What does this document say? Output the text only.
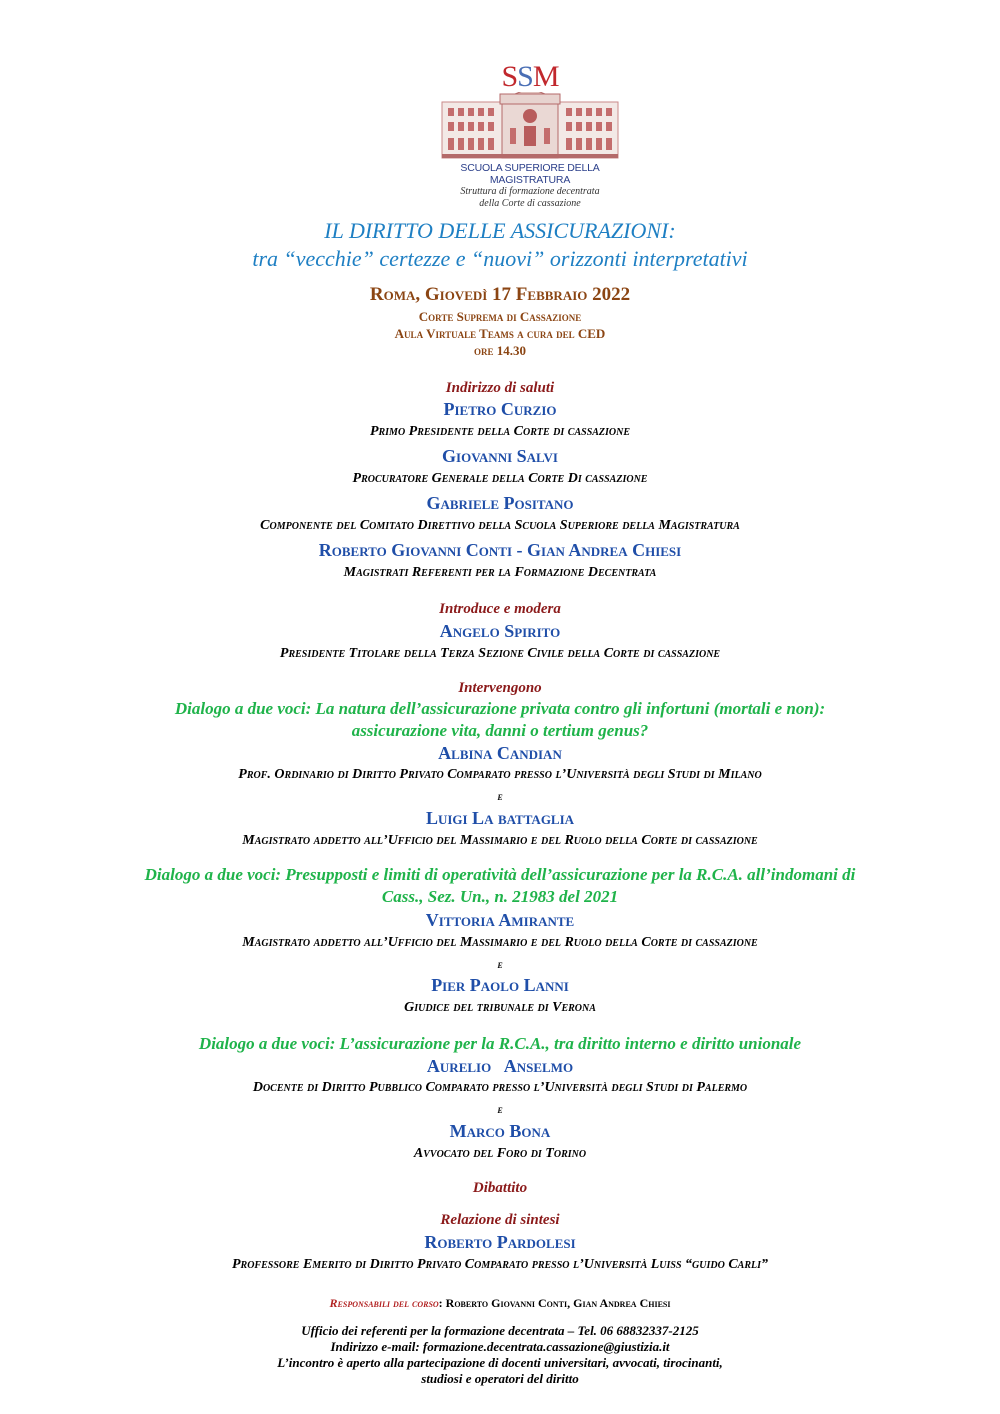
SSM
SCUOLA SUPERIORE DELLA MAGISTRATURA
Struttura di formazione decentrata
della Corte di cassazione
IL DIRITTO DELLE ASSICURAZIONI:
tra “vecchie” certezze e “nuovi” orizzonti interpretativi
Roma, Giovedì 17 Febbraio 2022
Corte Suprema di Cassazione
Aula Virtuale Teams a cura del CED
ore 14.30
Indirizzo di saluti
Pietro Curzio
Primo Presidente della Corte di cassazione
Giovanni Salvi
Procuratore Generale della Corte Di cassazione
Gabriele Positano
Componente del Comitato Direttivo della Scuola Superiore della Magistratura
Roberto Giovanni Conti - Gian Andrea Chiesi
Magistrati Referenti per la Formazione Decentrata
Introduce e modera
Angelo Spirito
Presidente Titolare della Terza Sezione Civile della Corte di cassazione
Intervengono
Dialogo a due voci: La natura dell’assicurazione privata contro gli infortuni (mortali e non):
assicurazione vita, danni o tertium genus?
Albina Candian
Prof. Ordinario di Diritto Privato Comparato presso l’Università degli Studi di Milano
e
Luigi La battaglia
Magistrato addetto all’Ufficio del Massimario e del Ruolo della Corte di cassazione
Dialogo a due voci: Presupposti e limiti di operatività dell’assicurazione per la R.C.A. all’indomani di
Cass., Sez. Un., n. 21983 del 2021
Vittoria Amirante
Magistrato addetto all’Ufficio del Massimario e del Ruolo della Corte di cassazione
e
Pier Paolo Lanni
Giudice del tribunale di Verona
Dialogo a due voci: L’assicurazione per la R.C.A., tra diritto interno e diritto unionale
Aurelio   Anselmo
Docente di Diritto Pubblico Comparato presso l’Università degli Studi di Palermo
e
Marco Bona
Avvocato del Foro di Torino
Dibattito
Relazione di sintesi
Roberto Pardolesi
Professore Emerito di Diritto Privato Comparato presso l’Università Luiss “guido Carli”
Responsabili del corso: Roberto Giovanni Conti, Gian Andrea Chiesi
Ufficio dei referenti per la formazione decentrata – Tel. 06 68832337-2125
Indirizzo e-mail: formazione.decentrata.cassazione@giustizia.it
L’incontro è aperto alla partecipazione di docenti universitari, avvocati, tirocinanti,
studiosi e operatori del diritto
